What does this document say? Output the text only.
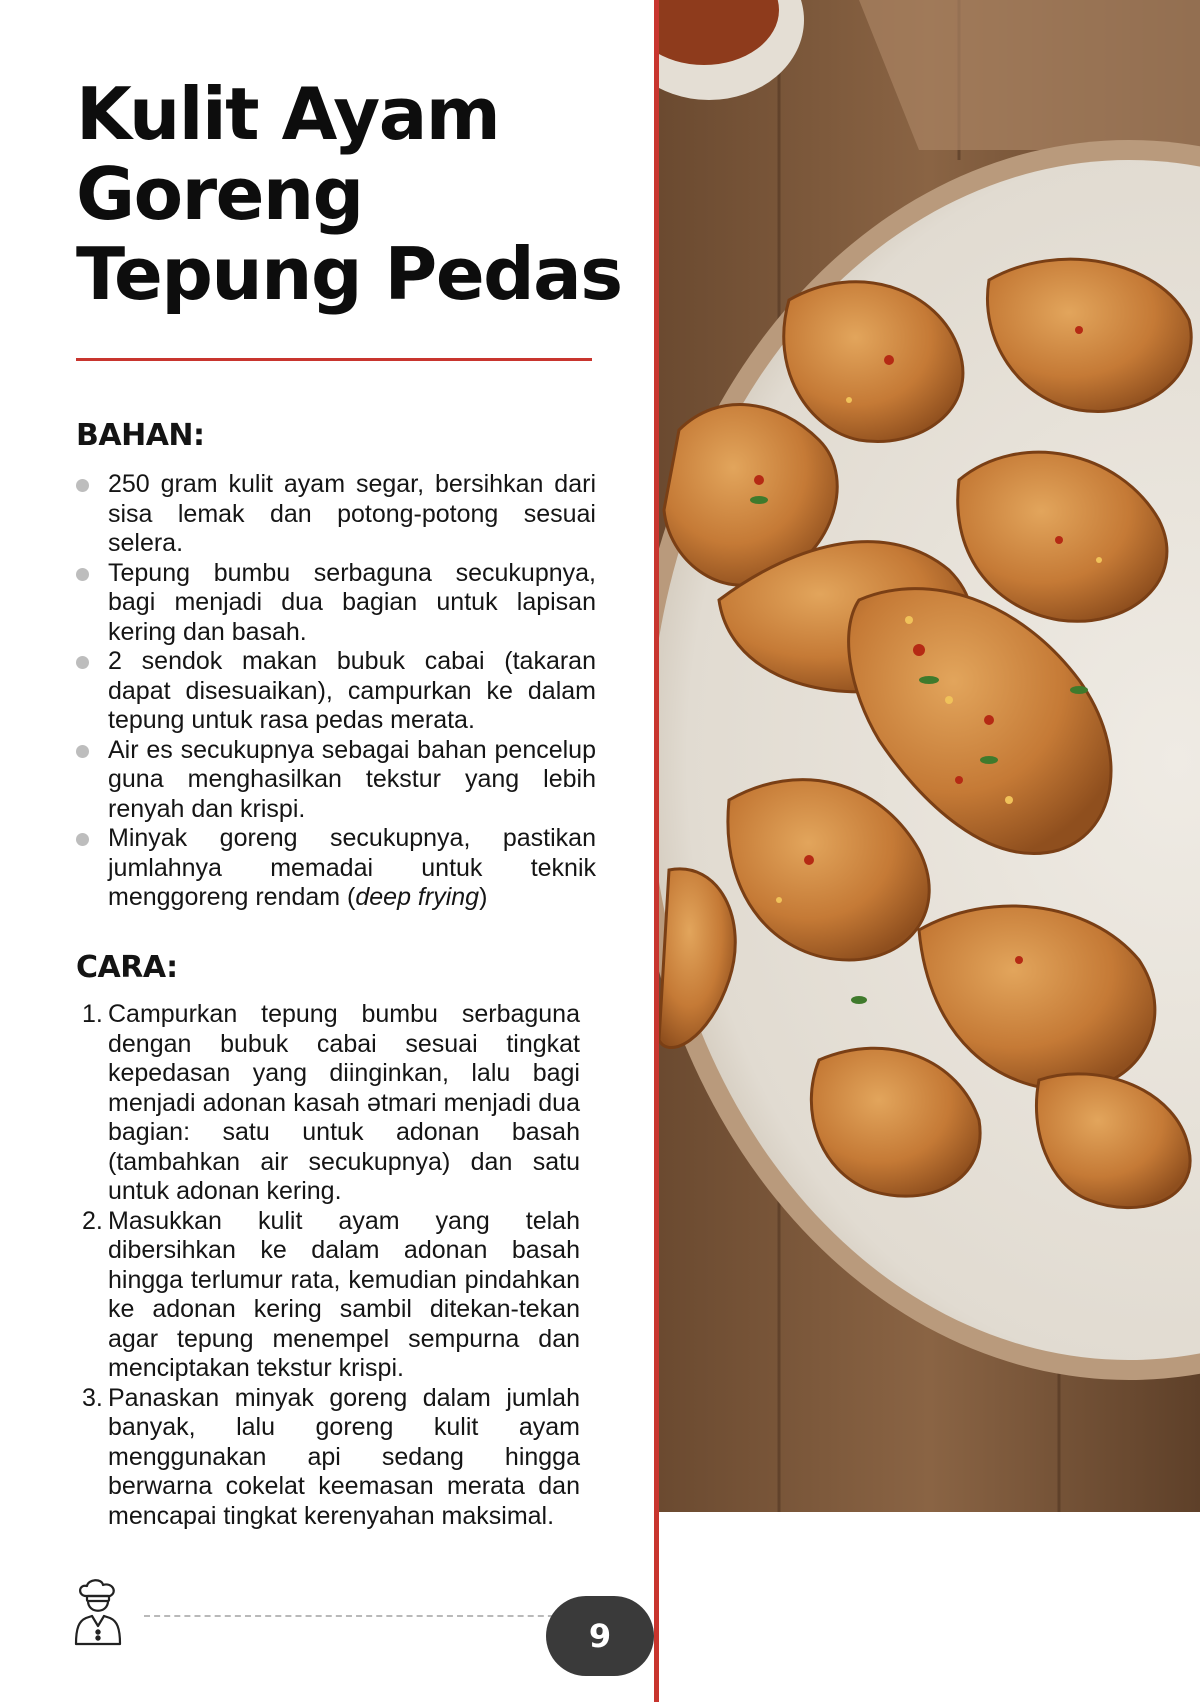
Kulit Ayam
Goreng
Tepung Pedas
BAHAN:
250 gram kulit ayam segar, bersihkan dari sisa lemak dan potong-potong sesuai selera.
Tepung bumbu serbaguna secukupnya, bagi menjadi dua bagian untuk lapisan kering dan basah.
2 sendok makan bubuk cabai (takaran dapat disesuaikan), campurkan ke dalam tepung untuk rasa pedas merata.
Air es secukupnya sebagai bahan pencelup guna menghasilkan tekstur yang lebih renyah dan krispi.
Minyak goreng secukupnya, pastikan jumlahnya memadai untuk teknik menggoreng rendam (deep frying)
CARA:
1. Campurkan tepung bumbu serbaguna dengan bubuk cabai sesuai tingkat kepedasan yang diinginkan, lalu bagi menjadi adonan kasah ətmari menjadi dua bagian: satu untuk adonan basah (tambahkan air secukupnya) dan satu untuk adonan kering.
2. Masukkan kulit ayam yang telah dibersihkan ke dalam adonan basah hingga terlumur rata, kemudian pindahkan ke adonan kering sambil ditekan-tekan agar tepung menempel sempurna dan menciptakan tekstur krispi.
3. Panaskan minyak goreng dalam jumlah banyak, lalu goreng kulit ayam menggunakan api sedang hingga berwarna cokelat keemasan merata dan mencapai tingkat kerenyahan maksimal.
9
